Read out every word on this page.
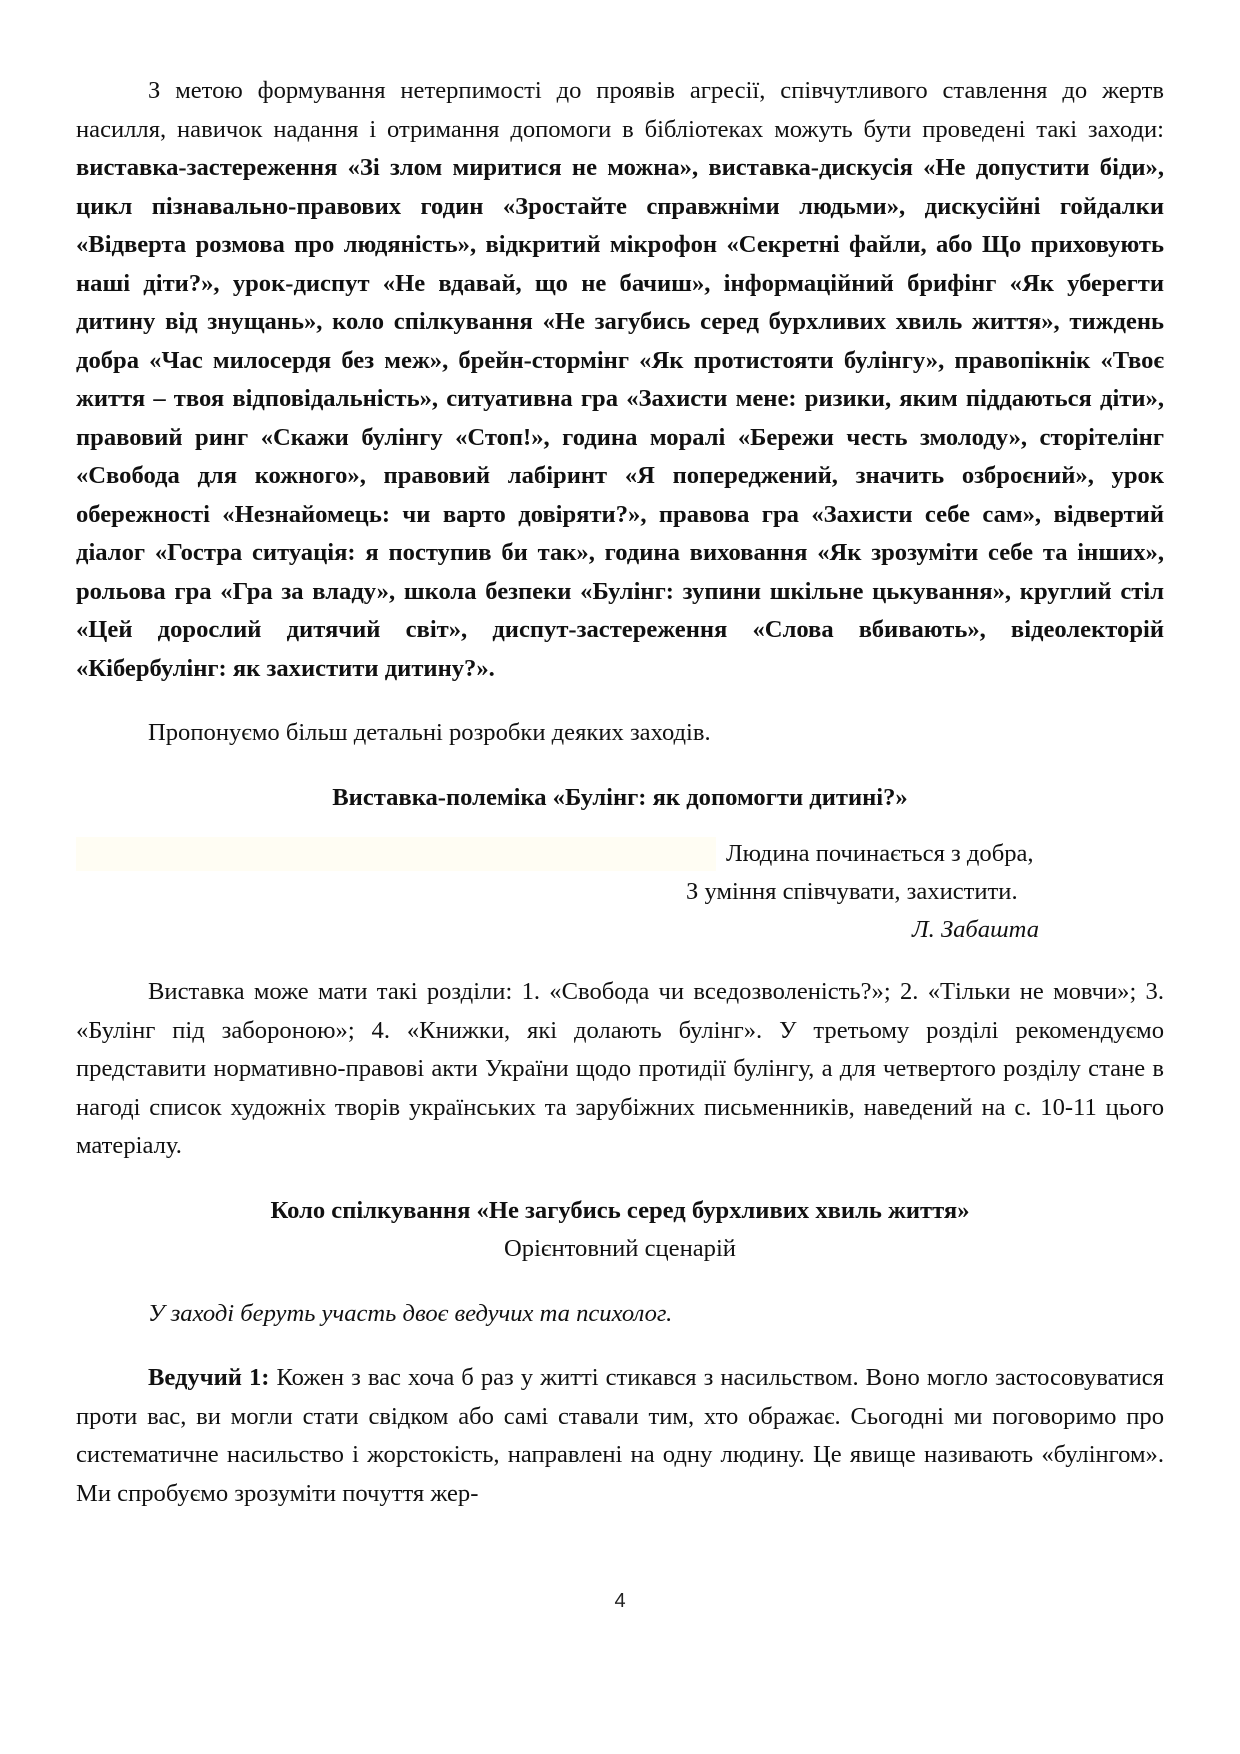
З метою формування нетерпимості до проявів агресії, співчутливого ставлення до жертв насилля, навичок надання і отримання допомоги в бібліотеках можуть бути проведені такі заходи: виставка-застереження «Зі злом миритися не можна», виставка-дискусія «Не допустити біди», цикл пізнавально-правових годин «Зростайте справжніми людьми», дискусійні гойдалки «Відверта розмова про людяність», відкритий мікрофон «Секретні файли, або Що приховують наші діти?», урок-диспут «Не вдавай, що не бачиш», інформаційний брифінг «Як уберегти дитину від знущань», коло спілкування «Не загубись серед бурхливих хвиль життя», тиждень добра «Час милосердя без меж», брейн-стормінг «Як протистояти булінгу», правопікнік «Твоє життя – твоя відповідальність», ситуативна гра «Захисти мене: ризики, яким піддаються діти», правовий ринг «Скажи булінгу «Стоп!», година моралі «Бережи честь змолоду», сторітелінг «Свобода для кожного», правовий лабіринт «Я попереджений, значить озброєний», урок обережності «Незнайомець: чи варто довіряти?», правова гра «Захисти себе сам», відвертий діалог «Гостра ситуація: я поступив би так», година виховання «Як зрозуміти себе та інших», рольова гра «Гра за владу», школа безпеки «Булінг: зупини шкільне цькування», круглий стіл «Цей дорослий дитячий світ», диспут-застереження «Слова вбивають», відеолекторій «Кібербулінг: як захистити дитину?».

Пропонуємо більш детальні розробки деяких заходів.

Виставка-полеміка «Булінг: як допомогти дитині?»

Людина починається з добра,
З уміння співчувати, захистити.
Л. Забашта

Виставка може мати такі розділи: 1. «Свобода чи вседозволеність?»; 2. «Тільки не мовчи»; 3. «Булінг під забороною»; 4. «Книжки, які долають булінг». У третьому розділі рекомендуємо представити нормативно-правові акти України щодо протидії булінгу, а для четвертого розділу стане в нагоді список художніх творів українських та зарубіжних письменників, наведений на с. 10-11 цього матеріалу.

Коло спілкування «Не загубись серед бурхливих хвиль життя»

Орієнтовний сценарій

У заході беруть участь двоє ведучих та психолог.

Ведучий 1: Кожен з вас хоча б раз у житті стикався з насильством. Воно могло застосовуватися проти вас, ви могли стати свідком або самі ставали тим, хто ображає. Сьогодні ми поговоримо про систематичне насильство і жорстокість, направлені на одну людину. Це явище називають «булінгом». Ми спробуємо зрозуміти почуття жер-

4
